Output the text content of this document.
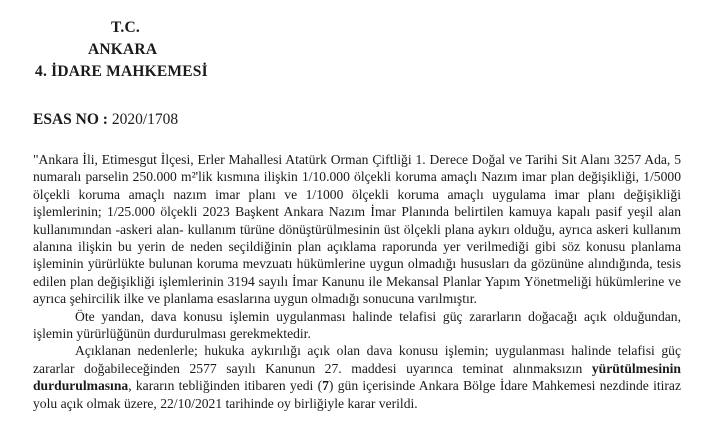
T.C.
ANKARA
4. İDARE MAHKEMESİ
ESAS NO : 2020/1708

"Ankara İli, Etimesgut İlçesi, Erler Mahallesi Atatürk Orman Çiftliği 1. Derece Doğal ve Tarihi Sit Alanı 3257 Ada, 5 numaralı parselin 250.000 m²'lik kısmına ilişkin 1/10.000 ölçekli koruma amaçlı Nazım imar plan değişikliği, 1/5000 ölçekli koruma amaçlı nazım imar planı ve 1/1000 ölçekli koruma amaçlı uygulama imar planı değişikliği işlemlerinin; 1/25.000 ölçekli 2023 Başkent Ankara Nazım İmar Planında belirtilen kamuya kapalı pasif yeşil alan kullanımından -askeri alan- kullanım türüne dönüştürülmesinin üst ölçekli plana aykırı olduğu, ayrıca askeri kullanım alanına ilişkin bu yerin de neden seçildiğinin plan açıklama raporunda yer verilmediği gibi söz konusu planlama işleminin yürürlükte bulunan koruma mevzuatı hükümlerine uygun olmadığı hususları da gözününe alındığında, tesis edilen plan değişikliği işlemlerinin 3194 sayılı İmar Kanunu ile Mekansal Planlar Yapım Yönetmeliği hükümlerine ve ayrıca şehircilik ilke ve planlama esaslarına uygun olmadığı sonucuna varılmıştır.

Öte yandan, dava konusu işlemin uygulanması halinde telafisi güç zararların doğacağı açık olduğundan, işlemin yürürlüğünün durdurulması gerekmektedir.

Açıklanan nedenlerle; hukuka aykırılığı açık olan dava konusu işlemin; uygulanması halinde telafisi güç zararlar doğabileceğinden 2577 sayılı Kanunun 27. maddesi uyarınca teminat alınmaksızın yürütülmesinin durdurulmasına, kararın tebliğinden itibaren yedi (7) gün içerisinde Ankara Bölge İdare Mahkemesi nezdinde itiraz yolu açık olmak üzere, 22/10/2021 tarihinde oy birliğiyle karar verildi.
